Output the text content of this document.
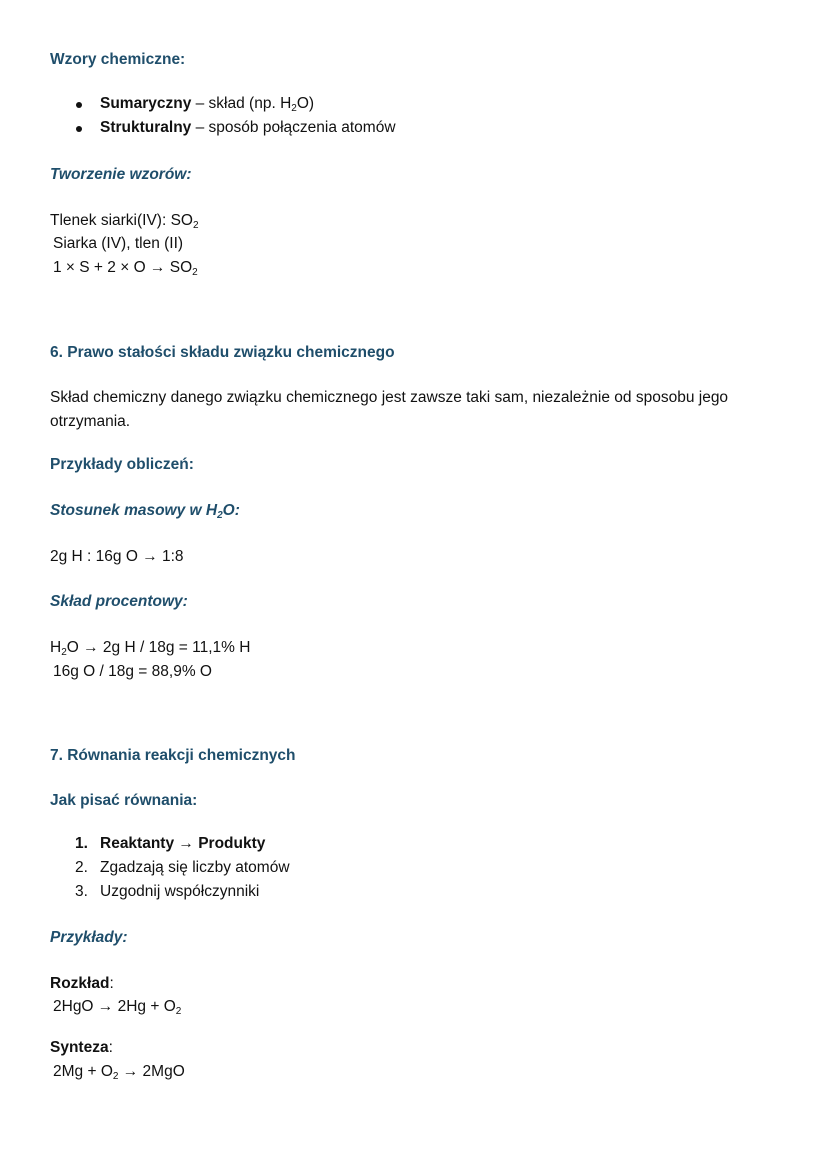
Wzory chemiczne:
Sumaryczny – skład (np. $H_2O$)
Strukturalny – sposób połączenia atomów
Tworzenie wzorów:
Tlenek siarki(IV): $SO_2$
Siarka (IV), tlen (II)
$1 \times S + 2 \times O \to SO_2$
6. Prawo stałości składu związku chemicznego
Skład chemiczny danego związku chemicznego jest zawsze taki sam, niezależnie od sposobu jego
otrzymania.
Przykłady obliczeń:
Stosunek masowy w $H_2O$:
2g H : 16g O → 1:8
Skład procentowy:
$H_2O \to 2g$ H / 18g = 11,1% H
16g O / 18g = 88,9% O
7. Równania reakcji chemicznych
Jak pisać równania:
1. Reaktanty → Produkty
2. Zgadzają się liczby atomów
3. Uzgodnij współczynniki
Przykłady:
Rozkład:
$2HgO \to 2Hg + O_2$
Synteza:
$2Mg + O_2 \to 2MgO$
